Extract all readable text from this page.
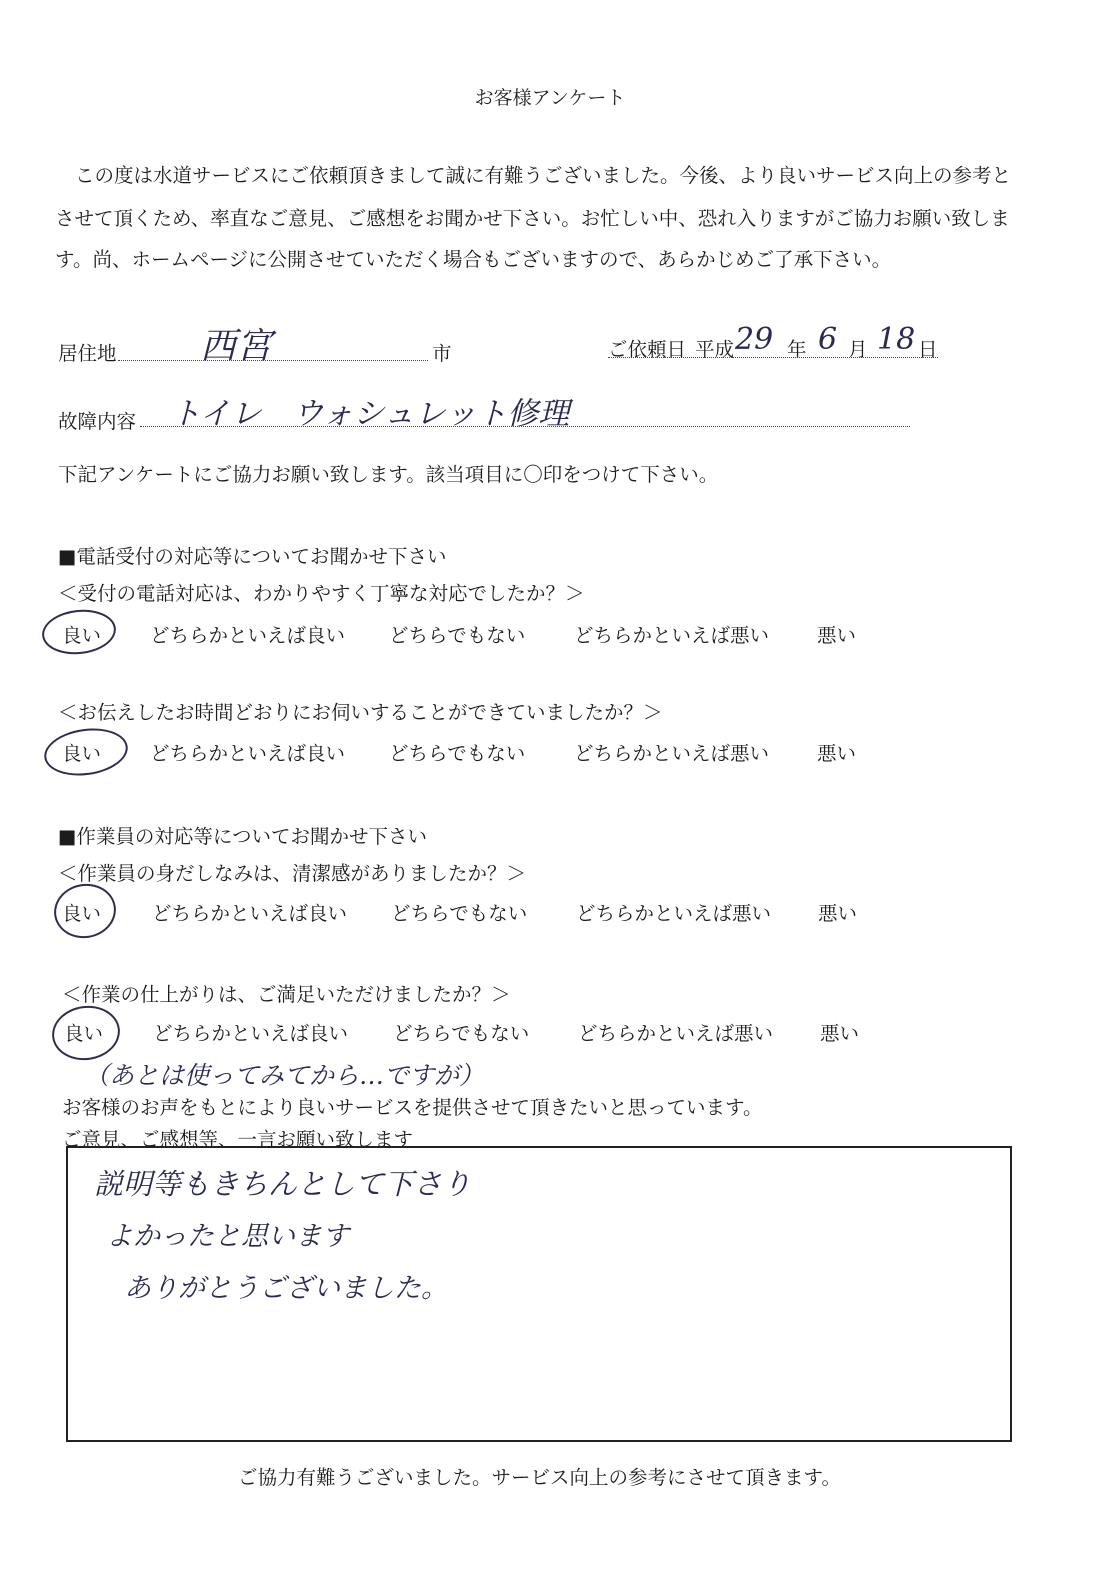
お客様アンケート
この度は水道サービスにご依頼頂きまして誠に有難うございました。今後、より良いサービス向上の参考と
させて頂くため、率直なご意見、ご感想をお聞かせ下さい。お忙しい中、恐れ入りますがご協力お願い致しま
す。尚、ホームページに公開させていただく場合もございますので、あらかじめご了承下さい。
居住地 西宮	市	ご依頼日 平成 29 年 6 月 18 日
故障内容 トイレ　ウォシュレット修理
下記アンケートにご協力お願い致します。該当項目に〇印をつけて下さい。
■電話受付の対応等についてお聞かせ下さい
＜受付の電話対応は、わかりやすく丁寧な対応でしたか？＞
良い	どちらかといえば良い どちらでもない どちらかといえば悪い 悪い
＜お伝えしたお時間どおりにお伺いすることができていましたか？＞
良い	どちらかといえば良い どちらでもない どちらかといえば悪い 悪い
■作業員の対応等についてお聞かせ下さい
＜作業員の身だしなみは、清潔感がありましたか？＞
良い	どちらかといえば良い どちらでもない どちらかといえば悪い 悪い
＜作業の仕上がりは、ご満足いただけましたか？＞
良い	どちらかといえば良い どちらでもない どちらかといえば悪い 悪い
（あとは使ってみてから…ですが）
お客様のお声をもとにより良いサービスを提供させて頂きたいと思っています。
ご意見、ご感想等、一言お願い致します
説明等もきちんとして下さり
よかったと思います
ありがとうございました。
ご協力有難うございました。サービス向上の参考にさせて頂きます。
